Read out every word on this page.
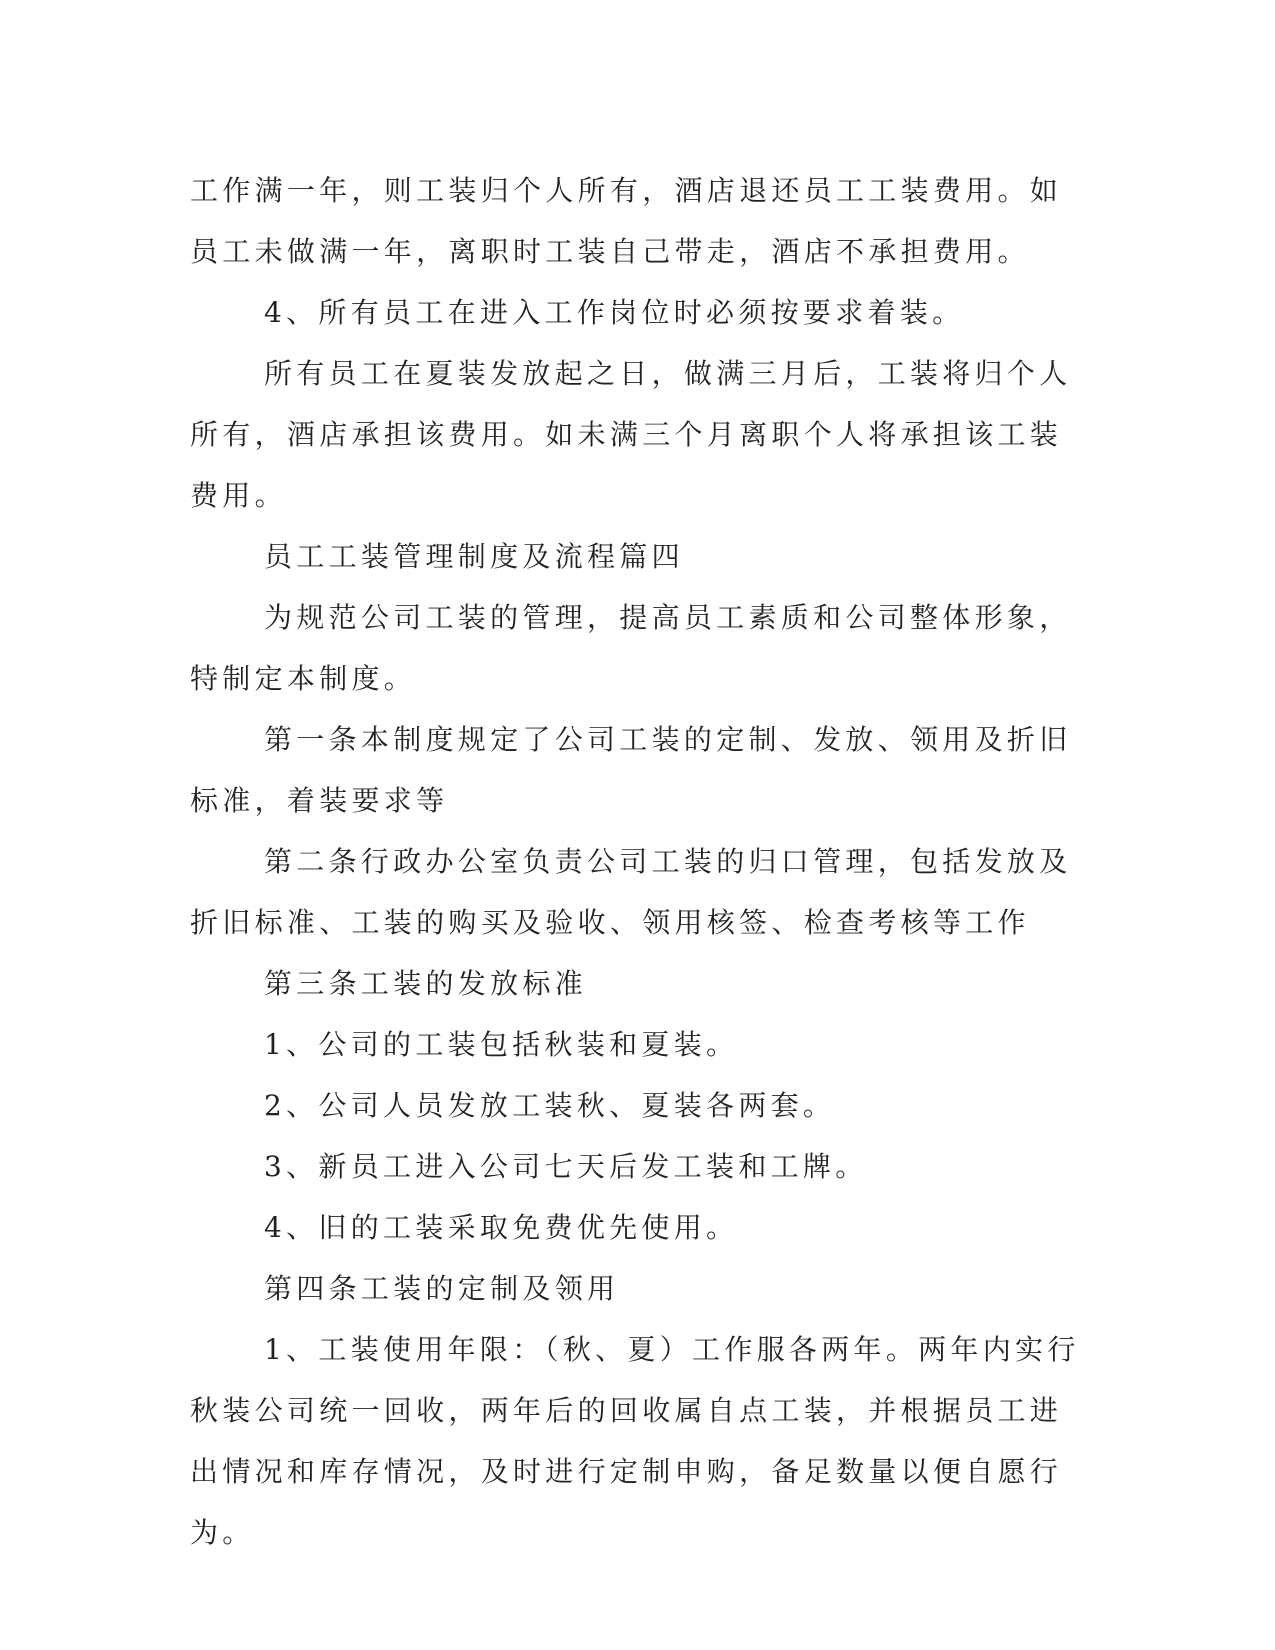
工作满一年，则工装归个人所有，酒店退还员工工装费用。如员工未做满一年，离职时工装自己带走，酒店不承担费用。

4、所有员工在进入工作岗位时必须按要求着装。

所有员工在夏装发放起之日，做满三月后，工装将归个人所有，酒店承担该费用。如未满三个月离职个人将承担该工装费用。

员工工装管理制度及流程篇四

为规范公司工装的管理，提高员工素质和公司整体形象，特制定本制度。

第一条本制度规定了公司工装的定制、发放、领用及折旧标准，着装要求等

第二条行政办公室负责公司工装的归口管理，包括发放及折旧标准、工装的购买及验收、领用核签、检查考核等工作

第三条工装的发放标准

1、公司的工装包括秋装和夏装。

2、公司人员发放工装秋、夏装各两套。

3、新员工进入公司七天后发工装和工牌。

4、旧的工装采取免费优先使用。

第四条工装的定制及领用

1、工装使用年限：（秋、夏）工作服各两年。两年内实行秋装公司统一回收，两年后的回收属自点工装，并根据员工进出情况和库存情况，及时进行定制申购，备足数量以便自愿行为。
